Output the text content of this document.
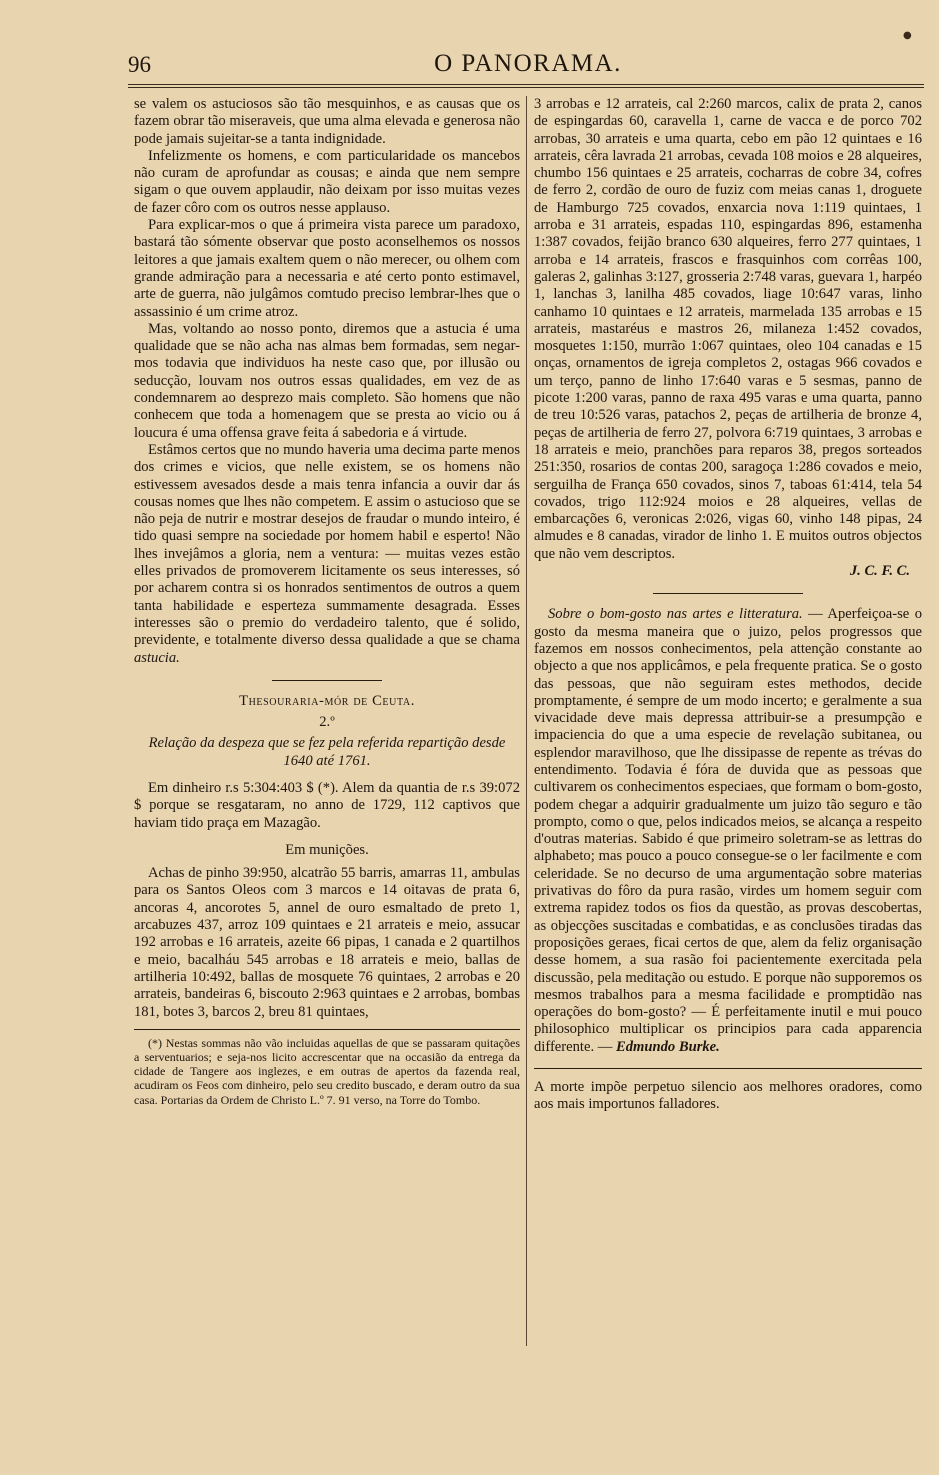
●
96	O PANORAMA.

se valem os astuciosos são tão mesquinhos, e as causas que os fazem obrar tão miseraveis, que uma alma elevada e generosa não pode jamais sujeitar-se a tanta indignidade.

Infelizmente os homens, e com particularidade os mancebos não curam de aprofundar as cousas; e ainda que nem sempre sigam o que ouvem applaudir, não deixam por isso muitas vezes de fazer côro com os outros nesse applauso.

Para explicar-mos o que á primeira vista parece um paradoxo, bastará tão sómente observar que posto aconselhemos os nossos leitores a que jamais exaltem quem o não merecer, ou olhem com grande admiração para a necessaria e até certo ponto estimavel, arte de guerra, não julgâmos comtudo preciso lembrar-lhes que o assassinio é um crime atroz.

Mas, voltando ao nosso ponto, diremos que a astucia é uma qualidade que se não acha nas almas bem formadas, sem negar-mos todavia que individuos ha neste caso que, por illusão ou seducção, louvam nos outros essas qualidades, em vez de as condemnarem ao desprezo mais completo. São homens que não conhecem que toda a homenagem que se presta ao vicio ou á loucura é uma offensa grave feita á sabedoria e á virtude.

Estâmos certos que no mundo haveria uma decima parte menos dos crimes e vicios, que nelle existem, se os homens não estivessem avesados desde a mais tenra infancia a ouvir dar ás cousas nomes que lhes não competem. E assim o astucioso que se não peja de nutrir e mostrar desejos de fraudar o mundo inteiro, é tido quasi sempre na sociedade por homem habil e esperto! Não lhes invejâmos a gloria, nem a ventura: — muitas vezes estão elles privados de promoverem licitamente os seus interesses, só por acharem contra si os honrados sentimentos de outros a quem tanta habilidade e esperteza summamente desagrada. Esses interesses são o premio do verdadeiro talento, que é solido, previdente, e totalmente diverso dessa qualidade a que se chama astucia.

Thesouraria-mór de Ceuta.

2.º

Relação da despeza que se fez pela referida repartição desde 1640 até 1761.

Em dinheiro r.s 5:304:403 $ (*). Alem da quantia de r.s 39:072 $ porque se resgataram, no anno de 1729, 112 captivos que haviam tido praça em Mazagão.

Em munições.

Achas de pinho 39:950, alcatrão 55 barris, amarras 11, ambulas para os Santos Oleos com 3 marcos e 14 oitavas de prata 6, ancoras 4, ancorotes 5, annel de ouro esmaltado de preto 1, arcabuzes 437, arroz 109 quintaes e 21 arrateis e meio, assucar 192 arrobas e 16 arrateis, azeite 66 pipas, 1 canada e 2 quartilhos e meio, bacalháu 545 arrobas e 18 arrateis e meio, ballas de artilheria 10:492, ballas de mosquete 76 quintaes, 2 arrobas e 20 arrateis, bandeiras 6, biscouto 2:963 quintaes e 2 arrobas, bombas 181, botes 3, barcos 2, breu 81 quintaes,

(*) Nestas sommas não vão incluidas aquellas de que se passaram quitações a serventuarios; e seja-nos licito accrescentar que na occasião da entrega da cidade de Tangere aos inglezes, e em outras de apertos da fazenda real, acudiram os Feos com dinheiro, pelo seu credito buscado, e deram outro da sua casa. Portarias da Ordem de Christo L.º 7. 91 verso, na Torre do Tombo.

3 arrobas e 12 arrateis, cal 2:260 marcos, calix de prata 2, canos de espingardas 60, caravella 1, carne de vacca e de porco 702 arrobas, 30 arrateis e uma quarta, cebo em pão 12 quintaes e 16 arrateis, cêra lavrada 21 arrobas, cevada 108 moios e 28 alqueires, chumbo 156 quintaes e 25 arrateis, cocharras de cobre 34, cofres de ferro 2, cordão de ouro de fuziz com meias canas 1, droguete de Hamburgo 725 covados, enxarcia nova 1:119 quintaes, 1 arroba e 31 arrateis, espadas 110, espingardas 896, estamenha 1:387 covados, feijão branco 630 alqueires, ferro 277 quintaes, 1 arroba e 14 arrateis, frascos e frasquinhos com corrêas 100, galeras 2, galinhas 3:127, grosseria 2:748 varas, guevara 1, harpéo 1, lanchas 3, lanilha 485 covados, liage 10:647 varas, linho canhamo 10 quintaes e 12 arrateis, marmelada 135 arrobas e 15 arrateis, mastaréus e mastros 26, milaneza 1:452 covados, mosquetes 1:150, murrão 1:067 quintaes, oleo 104 canadas e 15 onças, ornamentos de igreja completos 2, ostagas 966 covados e um terço, panno de linho 17:640 varas e 5 sesmas, panno de picote 1:200 varas, panno de raxa 495 varas e uma quarta, panno de treu 10:526 varas, patachos 2, peças de artilheria de bronze 4, peças de artilheria de ferro 27, polvora 6:719 quintaes, 3 arrobas e 18 arrateis e meio, pranchões para reparos 38, pregos sorteados 251:350, rosarios de contas 200, saragoça 1:286 covados e meio, serguilha de França 650 covados, sinos 7, taboas 61:414, tela 54 covados, trigo 112:924 moios e 28 alqueires, vellas de embarcações 6, veronicas 2:026, vigas 60, vinho 148 pipas, 24 almudes e 8 canadas, virador de linho 1. E muitos outros objectos que não vem descriptos.

J. C. F. C.

Sobre o bom-gosto nas artes e litteratura. — Aperfeiçoa-se o gosto da mesma maneira que o juizo, pelos progressos que fazemos em nossos conhecimentos, pela attenção constante ao objecto a que nos applicâmos, e pela frequente pratica. Se o gosto das pessoas, que não seguiram estes methodos, decide promptamente, é sempre de um modo incerto; e geralmente a sua vivacidade deve mais depressa attribuir-se a presumpção e impaciencia do que a uma especie de revelação subitanea, ou esplendor maravilhoso, que lhe dissipasse de repente as trévas do entendimento. Todavia é fóra de duvida que as pessoas que cultivarem os conhecimentos especiaes, que formam o bom-gosto, podem chegar a adquirir gradualmente um juizo tão seguro e tão prompto, como o que, pelos indicados meios, se alcança a respeito d'outras materias. Sabido é que primeiro soletram-se as lettras do alphabeto; mas pouco a pouco consegue-se o ler facilmente e com celeridade. Se no decurso de uma argumentação sobre materias privativas do fôro da pura rasão, virdes um homem seguir com extrema rapidez todos os fios da questão, as provas descobertas, as objecções suscitadas e combatidas, e as conclusões tiradas das proposições geraes, ficai certos de que, alem da feliz organisação desse homem, a sua rasão foi pacientemente exercitada pela discussão, pela meditação ou estudo. E porque não supporemos os mesmos trabalhos para a mesma facilidade e promptidão nas operações do bom-gosto? — É perfeitamente inutil e mui pouco philosophico multiplicar os principios para cada apparencia differente. — Edmundo Burke.

A morte impõe perpetuo silencio aos melhores oradores, como aos mais importunos falladores.
